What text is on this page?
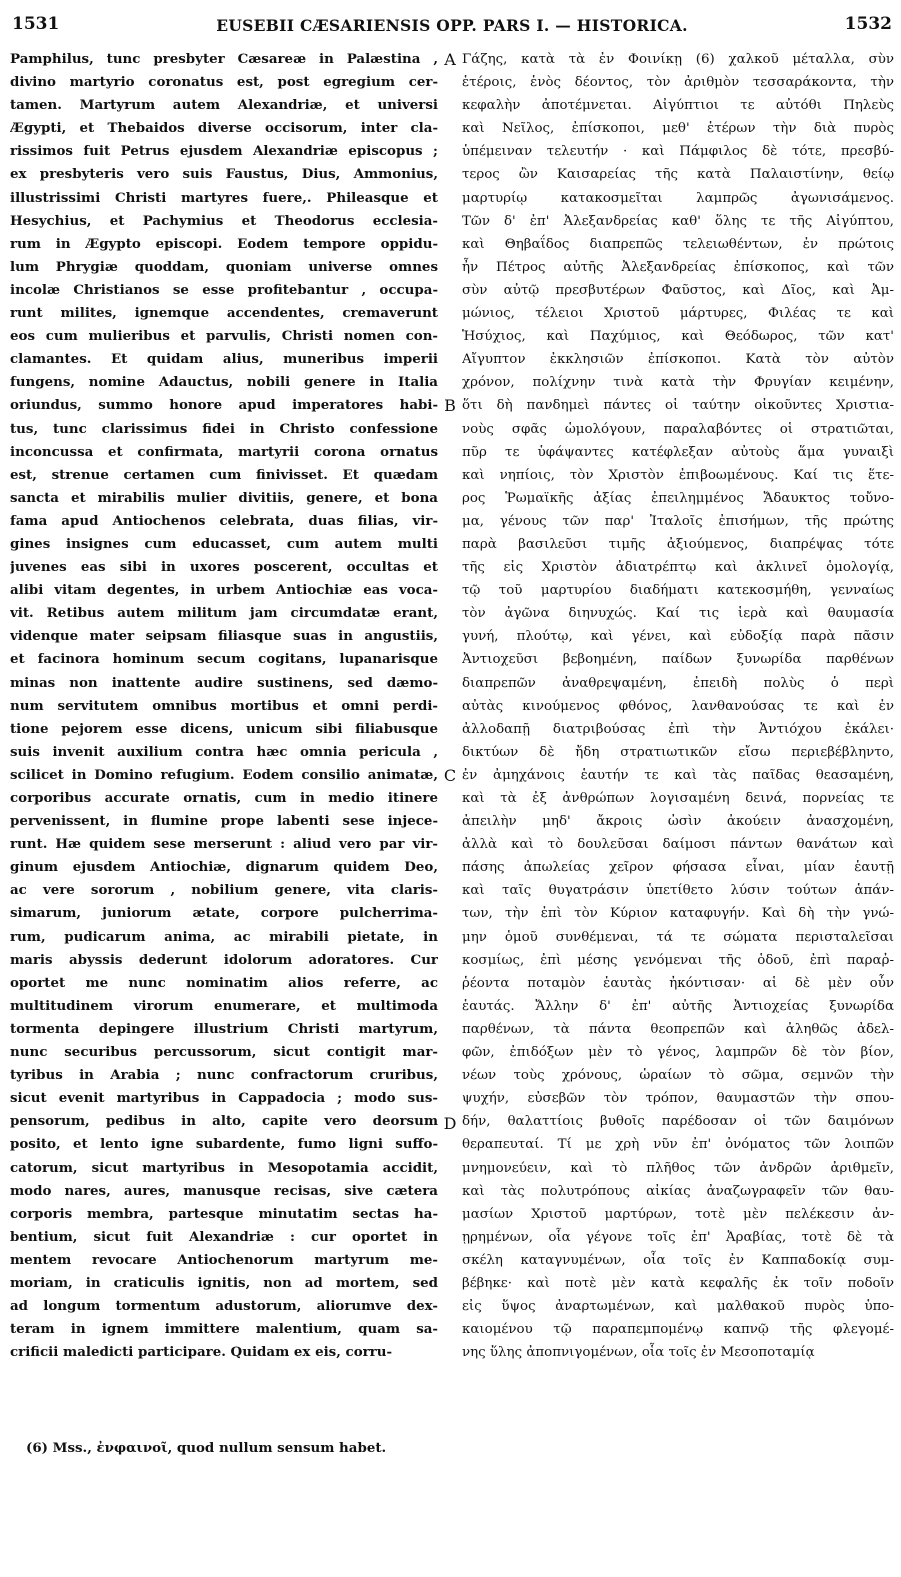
1531	EUSEBII CÆSARIENSIS OPP. PARS I. — HISTORICA.	1532
Pamphilus, tunc presbyter Cæsareæ in Palæstina ,
divino martyrio coronatus est, post egregium cer-
tamen. Martyrum autem Alexandriæ, et universi
Ægypti, et Thebaidos diverse occisorum, inter cla-
rissimos fuit Petrus ejusdem Alexandriæ episcopus ;
ex presbyteris vero suis Faustus, Dius, Ammonius,
illustrissimi Christi martyres fuere,. Phileasque et
Hesychius, et Pachymius et Theodorus ecclesia-
rum in Ægypto episcopi. Eodem tempore oppidu-
lum Phrygiæ quoddam, quoniam universe omnes
incolæ Christianos se esse profitebantur , occupa-
runt milites, ignemque accendentes, cremaverunt
eos cum mulieribus et parvulis, Christi nomen con-
clamantes. Et quidam alius, muneribus imperii
fungens, nomine Adauctus, nobili genere in Italia
oriundus, summo honore apud imperatores habi-
tus, tunc clarissimus fidei in Christo confessione
inconcussa et confirmata, martyrii corona ornatus
est, strenue certamen cum finivisset. Et quædam
sancta et mirabilis mulier divitiis, genere, et bona
fama apud Antiochenos celebrata, duas filias, vir-
gines insignes cum educasset, cum autem multi
juvenes eas sibi in uxores poscerent, occultas et
alibi vitam degentes, in urbem Antiochiæ eas voca-
vit. Retibus autem militum jam circumdatæ erant,
videnque mater seipsam filiasque suas in angustiis,
et facinora hominum secum cogitans, lupanarisque
minas non inattente audire sustinens, sed dæmo-
num servitutem omnibus mortibus et omni perdi-
tione pejorem esse dicens, unicum sibi filiabusque
suis invenit auxilium contra hæc omnia pericula ,
scilicet in Domino refugium. Eodem consilio animatæ,
corporibus accurate ornatis, cum in medio itinere
pervenissent, in flumine prope labenti sese injece-
runt. Hæ quidem sese merserunt : aliud vero par vir-
ginum ejusdem Antiochiæ, dignarum quidem Deo,
ac vere sororum , nobilium genere, vita claris-
simarum, juniorum ætate, corpore pulcherrima-
rum, pudicarum anima, ac mirabili pietate, in
maris abyssis dederunt idolorum adoratores. Cur
oportet me nunc nominatim alios referre, ac
multitudinem virorum enumerare, et multimoda
tormenta depingere illustrium Christi martyrum,
nunc securibus percussorum, sicut contigit mar-
tyribus in Arabia ; nunc confractorum cruribus,
sicut evenit martyribus in Cappadocia ; modo sus-
pensorum, pedibus in alto, capite vero deorsum
posito, et lento igne subardente, fumo ligni suffo-
catorum, sicut martyribus in Mesopotamia accidit,
modo nares, aures, manusque recisas, sive cætera
corporis membra, partesque minutatim sectas ha-
bentium, sicut fuit Alexandriæ : cur oportet in
mentem revocare Antiochenorum martyrum me-
moriam, in craticulis ignitis, non ad mortem, sed
ad longum tormentum adustorum, aliorumve dex-
teram in ignem immittere malentium, quam sa-
crificii maledicti participare. Quidam ex eis, corru-
A
B
C
D
Γάζης, κατὰ τὰ ἐν Φοινίκῃ (6) χαλκοῦ μέταλλα, σὺν
ἑτέροις, ἑνὸς δέοντος, τὸν ἀριθμὸν τεσσαράκοντα, τὴν
κεφαλὴν ἀποτέμνεται. Αἰγύπτιοι τε αὐτόθι Πηλεὺς
καὶ Νεῖλος, ἐπίσκοποι, μεθ' ἑτέρων τὴν διὰ πυρὸς
ὑπέμειναν τελευτήν · καὶ Πάμφιλος δὲ τότε, πρεσβύ-
τερος ὢν Καισαρείας τῆς κατὰ Παλαιστίνην, θείῳ
μαρτυρίῳ κατακοσμεῖται λαμπρῶς ἀγωνισάμενος.
Τῶν δ' ἐπ' Ἀλεξανδρείας καθ' ὅλης τε τῆς Αἰγύπτου,
καὶ Θηβαΐδος διαπρεπῶς τελειωθέντων, ἐν πρώτοις
ἦν Πέτρος αὐτῆς Ἀλεξανδρείας ἐπίσκοπος, καὶ τῶν
σὺν αὐτῷ πρεσβυτέρων Φαῦστος, καὶ Δῖος, καὶ Ἀμ-
μώνιος, τέλειοι Χριστοῦ μάρτυρες, Φιλέας τε καὶ
Ἡσύχιος, καὶ Παχύμιος, καὶ Θεόδωρος, τῶν κατ'
Αἴγυπτον ἐκκλησιῶν ἐπίσκοποι. Κατὰ τὸν αὐτὸν
χρόνον, πολίχνην τινὰ κατὰ τὴν Φρυγίαν κειμένην,
ὅτι δὴ πανδημεὶ πάντες οἱ ταύτην οἰκοῦντες Χριστια-
νοὺς σφᾶς ὡμολόγουν, παραλαβόντες οἱ στρατιῶται,
πῦρ τε ὑφάψαντες κατέφλεξαν αὐτοὺς ἅμα γυναιξὶ
καὶ νηπίοις, τὸν Χριστὸν ἐπιβοωμένους. Καί τις ἕτε-
ρος Ῥωμαϊκῆς ἀξίας ἐπειλημμένος Ἄδαυκτος τοὔνο-
μα, γένους τῶν παρ' Ἰταλοῖς ἐπισήμων, τῆς πρώτης
παρὰ βασιλεῦσι τιμῆς ἀξιούμενος, διαπρέψας τότε
τῆς εἰς Χριστὸν ἀδιατρέπτῳ καὶ ἀκλινεῖ ὁμολογίᾳ,
τῷ τοῦ μαρτυρίου διαδήματι κατεκοσμήθη, γενναίως
τὸν ἀγῶνα διηνυχώς. Καί τις ἱερὰ καὶ θαυμασία
γυνή, πλούτῳ, καὶ γένει, καὶ εὐδοξίᾳ παρὰ πᾶσιν
Ἀντιοχεῦσι βεβοημένη, παίδων ξυνωρίδα παρθένων
διαπρεπῶν ἀναθρεψαμένη, ἐπειδὴ πολὺς ὁ περὶ
αὐτὰς κινούμενος φθόνος, λανθανούσας τε καὶ ἐν
ἀλλοδαπῇ διατριβούσας ἐπὶ τὴν Ἀντιόχου ἐκάλει·
δικτύων δὲ ἤδη στρατιωτικῶν εἴσω περιεβέβληντο,
ἐν ἀμηχάνοις ἑαυτήν τε καὶ τὰς παῖδας θεασαμένη,
καὶ τὰ ἐξ ἀνθρώπων λογισαμένη δεινά, πορνείας τε
ἀπειλὴν μηδ' ἄκροις ὠσὶν ἀκούειν ἀνασχομένη,
ἀλλὰ καὶ τὸ δουλεῦσαι δαίμοσι πάντων θανάτων καὶ
πάσης ἀπωλείας χεῖρον φήσασα εἶναι, μίαν ἑαυτῇ
καὶ ταῖς θυγατράσιν ὑπετίθετο λύσιν τούτων ἁπάν-
των, τὴν ἐπὶ τὸν Κύριον καταφυγήν. Καὶ δὴ τὴν γνώ-
μην ὁμοῦ συνθέμεναι, τά τε σώματα περισταλεῖσαι
κοσμίως, ἐπὶ μέσης γενόμεναι τῆς ὁδοῦ, ἐπὶ παραῤ-
ῥέοντα ποταμὸν ἑαυτὰς ἠκόντισαν· αἱ δὲ μὲν οὖν
ἑαυτάς. Ἄλλην δ' ἐπ' αὐτῆς Ἀντιοχείας ξυνωρίδα
παρθένων, τὰ πάντα θεοπρεπῶν καὶ ἀληθῶς ἀδελ-
φῶν, ἐπιδόξων μὲν τὸ γένος, λαμπρῶν δὲ τὸν βίον,
νέων τοὺς χρόνους, ὡραίων τὸ σῶμα, σεμνῶν τὴν
ψυχήν, εὐσεβῶν τὸν τρόπον, θαυμαστῶν τὴν σπου-
δήν, θαλαττίοις βυθοῖς παρέδοσαν οἱ τῶν δαιμόνων
θεραπευταί. Τί με χρὴ νῦν ἐπ' ὀνόματος τῶν λοιπῶν
μνημονεύειν, καὶ τὸ πλῆθος τῶν ἀνδρῶν ἀριθμεῖν,
καὶ τὰς πολυτρόπους αἰκίας ἀναζωγραφεῖν τῶν θαυ-
μασίων Χριστοῦ μαρτύρων, τοτὲ μὲν πελέκεσιν ἀν-
ῃρημένων, οἷα γέγονε τοῖς ἐπ' Ἀραβίας, τοτὲ δὲ τὰ
σκέλη καταγνυμένων, οἷα τοῖς ἐν Καππαδοκίᾳ συμ-
βέβηκε· καὶ ποτὲ μὲν κατὰ κεφαλῆς ἐκ τοῖν ποδοῖν
εἰς ὕψος ἀναρτωμένων, καὶ μαλθακοῦ πυρὸς ὑπο-
καιομένου τῷ παραπεμπομένῳ καπνῷ τῆς φλεγομέ-
νης ὕλης ἀποπνιγομένων, οἷα τοῖς ἐν Μεσοποταμίᾳ
(6) Mss., ἐνφαινοῖ, quod nullum sensum habet.
